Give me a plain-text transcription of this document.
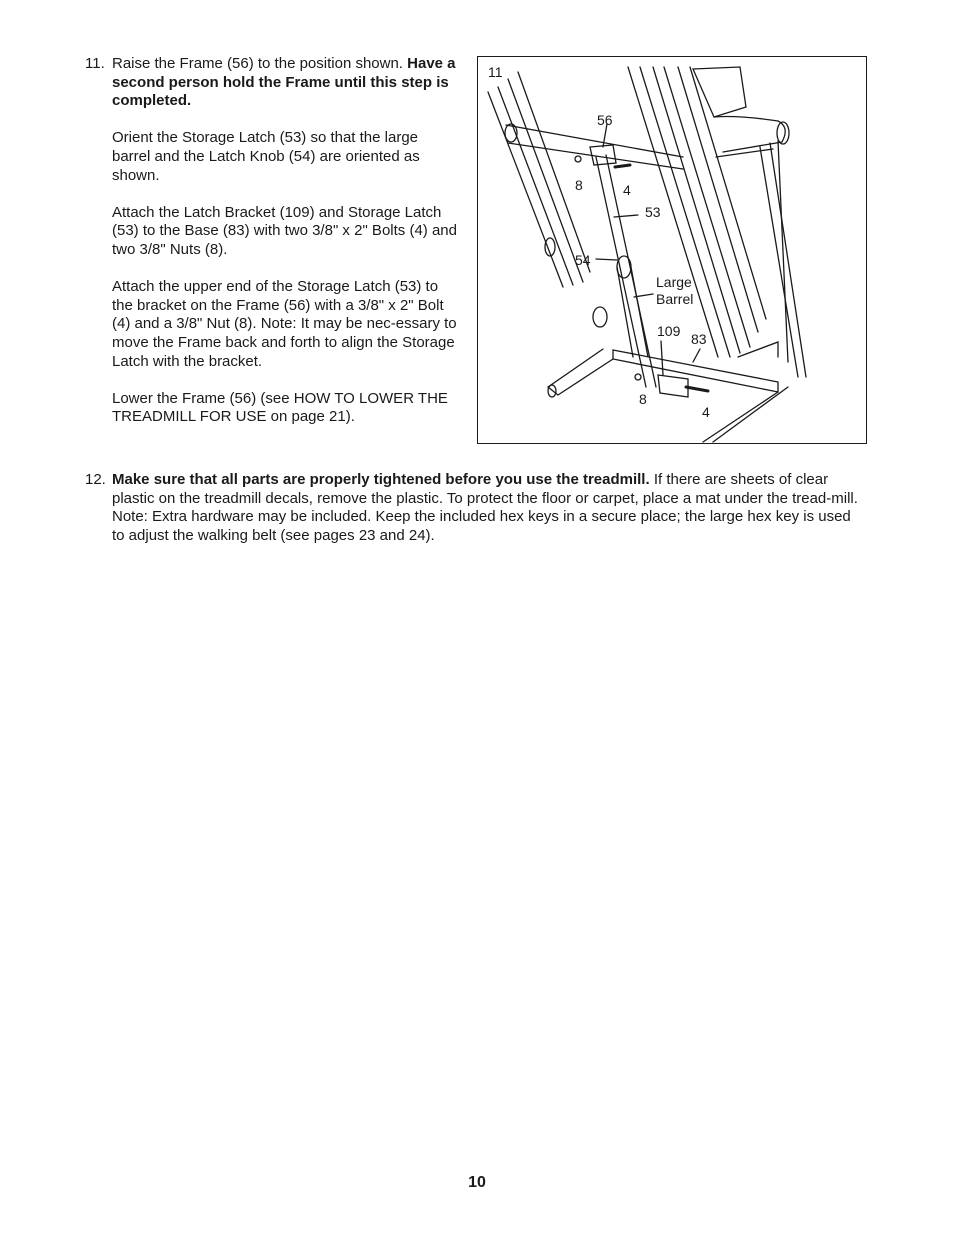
11. Raise the Frame (56) to the position shown. Have a second person hold the Frame until this step is completed.

Orient the Storage Latch (53) so that the large barrel and the Latch Knob (54) are oriented as shown.

Attach the Latch Bracket (109) and Storage Latch (53) to the Base (83) with two 3/8" x 2" Bolts (4) and two 3/8" Nuts (8).

Attach the upper end of the Storage Latch (53) to the bracket on the Frame (56) with a 3/8" x 2" Bolt (4) and a 3/8" Nut (8). Note: It may be nec-essary to move the Frame back and forth to align the Storage Latch with the bracket.

Lower the Frame (56) (see HOW TO LOWER THE TREADMILL FOR USE on page 21).

11
56
8	4
53
54
Large
Barrel
109 83
8
4
12. Make sure that all parts are properly tightened before you use the treadmill. If there are sheets of clear plastic on the treadmill decals, remove the plastic. To protect the floor or carpet, place a mat under the tread-mill. Note: Extra hardware may be included. Keep the included hex keys in a secure place; the large hex key is used to adjust the walking belt (see pages 23 and 24).
10
